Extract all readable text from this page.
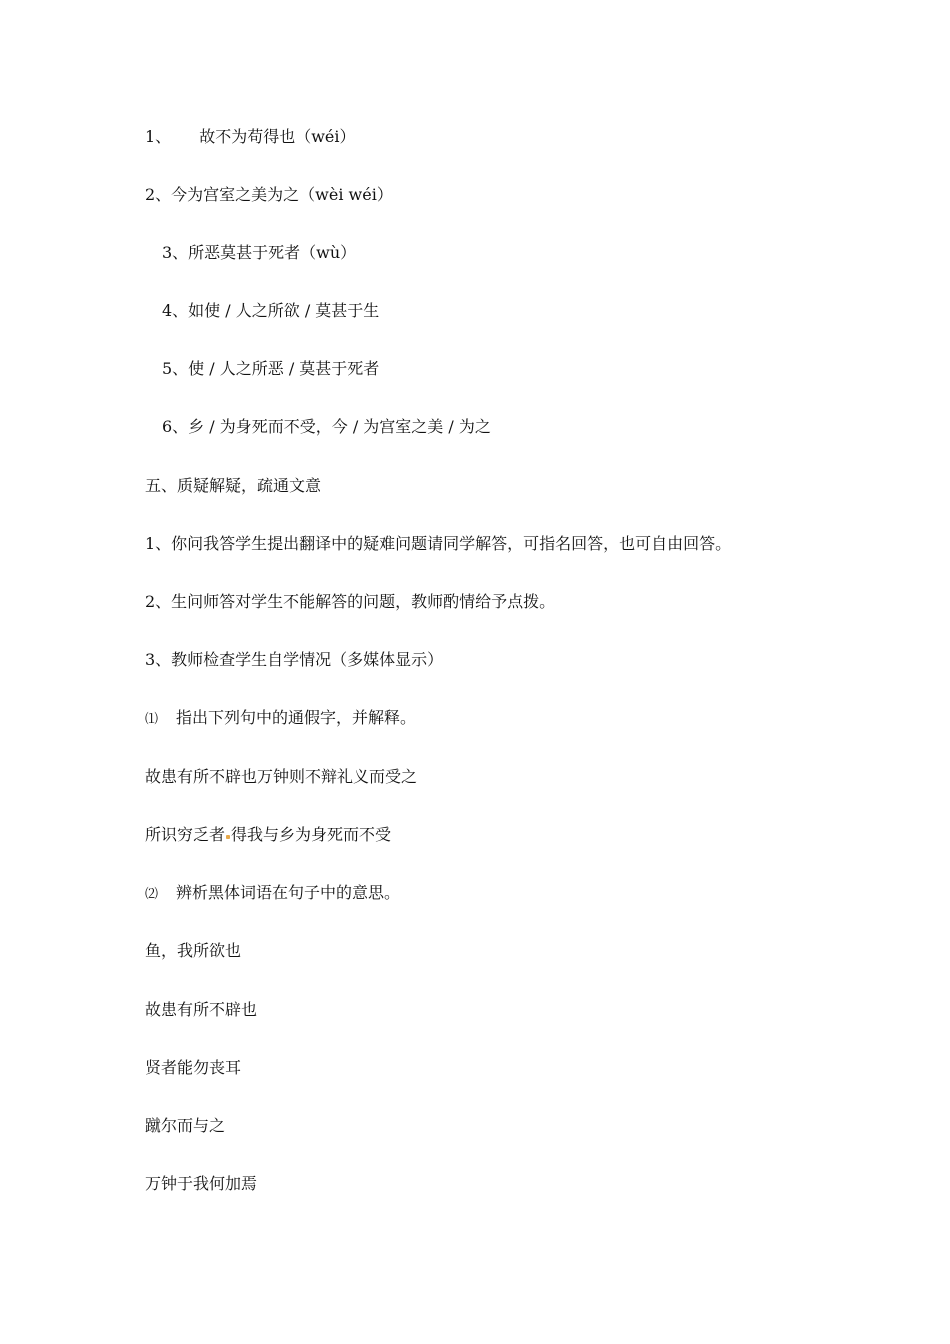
1、 故不为苟得也（wéi）
2、今为宫室之美为之（wèi wéi）
3、所恶莫甚于死者（wù）
4、如使 / 人之所欲 / 莫甚于生
5、使 / 人之所恶 / 莫甚于死者
6、乡 / 为身死而不受，今 / 为宫室之美 / 为之
五、质疑解疑，疏通文意
1、你问我答学生提出翻译中的疑难问题请同学解答，可指名回答，也可自由回答。
2、生问师答对学生不能解答的问题，教师酌情给予点拨。
3、教师检查学生自学情况（多媒体显示）
⑴ 指出下列句中的通假字，并解释。
故患有所不辟也万钟则不辩礼义而受之
所识穷乏者 得我与乡为身死而不受
⑵ 辨析黑体词语在句子中的意思。
鱼，我所欲也
故患有所不辟也
贤者能勿丧耳
蹴尔而与之
万钟于我何加焉
